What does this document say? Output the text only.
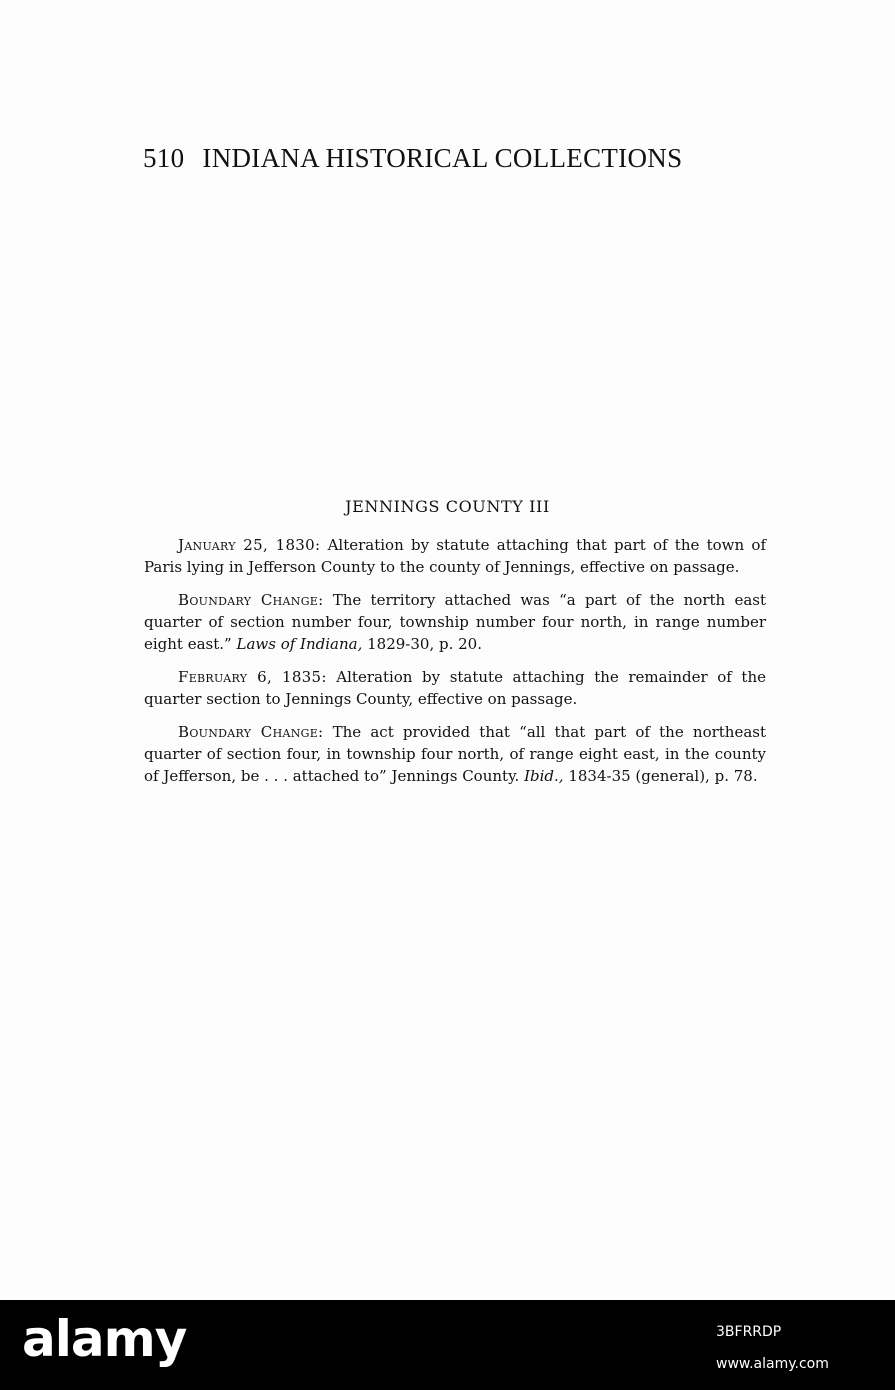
510 INDIANA HISTORICAL COLLECTIONS
JENNINGS COUNTY III

January 25, 1830: Alteration by statute attaching that part of the town of Paris lying in Jefferson County to the county of Jennings, effective on passage.

Boundary Change: The territory attached was “a part of the north east quarter of section number four, township number four north, in range number eight east.” Laws of Indiana, 1829-30, p. 20.

February 6, 1835: Alteration by statute attaching the remainder of the quarter section to Jennings County, effective on passage.

Boundary Change: The act provided that “all that part of the northeast quarter of section four, in township four north, of range eight east, in the county of Jefferson, be . . . attached to” Jennings County. Ibid., 1834-35 (general), p. 78.

alamy	3BFRRDP
www.alamy.com
